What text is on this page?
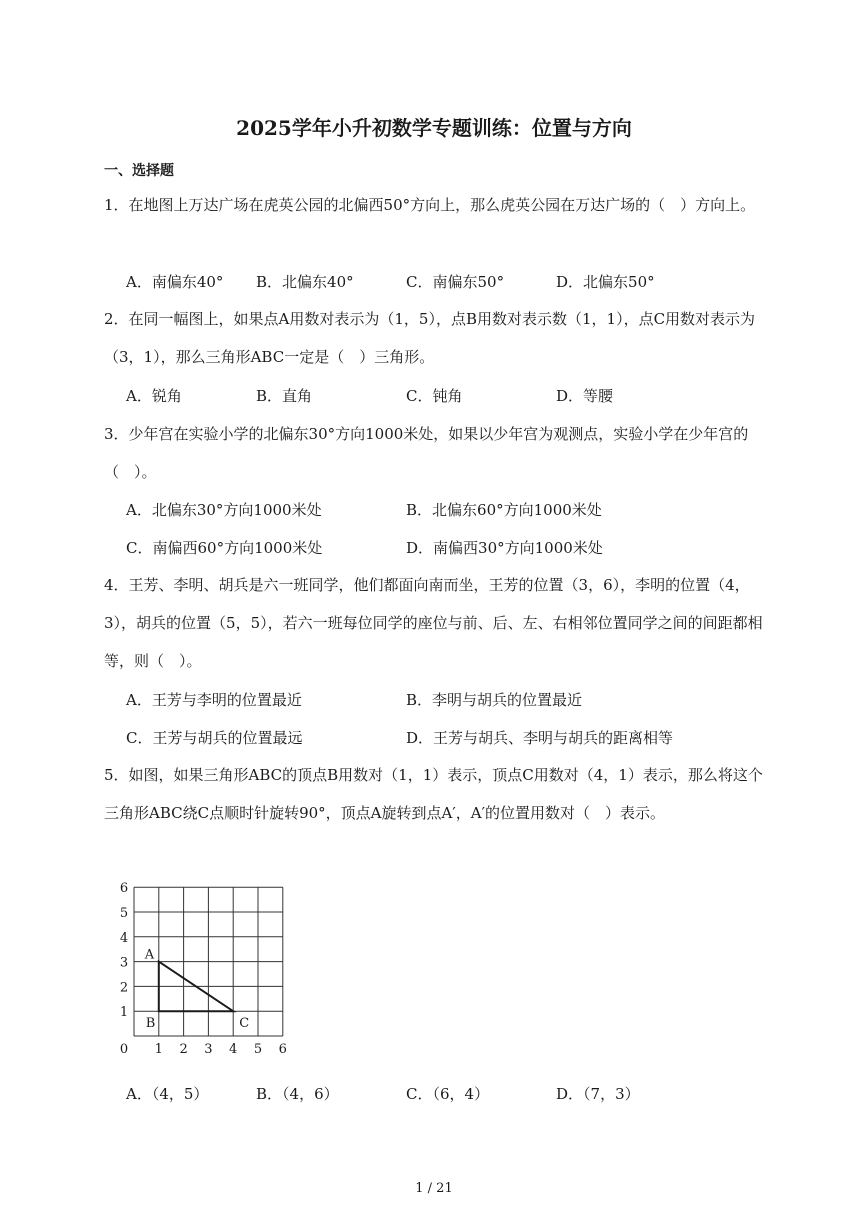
2025学年小升初数学专题训练：位置与方向
一、选择题

1．在地图上万达广场在虎英公园的北偏西50°方向上，那么虎英公园在万达广场的（　）方向上。

A．南偏东40° B．北偏东40°	C．南偏东50°	D．北偏东50°

2．在同一幅图上，如果点A用数对表示为（1，5），点B用数对表示数（1，1），点C用数对表示为（3，1），那么三角形ABC一定是（　）三角形。

A．锐角	B．直角	C．钝角	D．等腰

3．少年宫在实验小学的北偏东30°方向1000米处，如果以少年宫为观测点，实验小学在少年宫的（　）。

A．北偏东30°方向1000米处	B．北偏东60°方向1000米处
C．南偏西60°方向1000米处	D．南偏西30°方向1000米处

4．王芳、李明、胡兵是六一班同学，他们都面向南而坐，王芳的位置（3，6），李明的位置（4，3），胡兵的位置（5，5），若六一班每位同学的座位与前、后、左、右相邻位置同学之间的间距都相等，则（　）。

A．王芳与李明的位置最近	B．李明与胡兵的位置最近
C．王芳与胡兵的位置最远	D．王芳与胡兵、李明与胡兵的距离相等

5．如图，如果三角形ABC的顶点B用数对（1，1）表示，顶点C用数对（4，1）表示，那么将这个三角形ABC绕C点顺时针旋转90°，顶点A旋转到点A′，A′的位置用数对（　）表示。

0 1 2 3 4 5 6
1
2
3
4
5
6
A
B	C
A．（4，5）	B．（4，6）	C．（6，4）	D．（7，3）
1 / 21
